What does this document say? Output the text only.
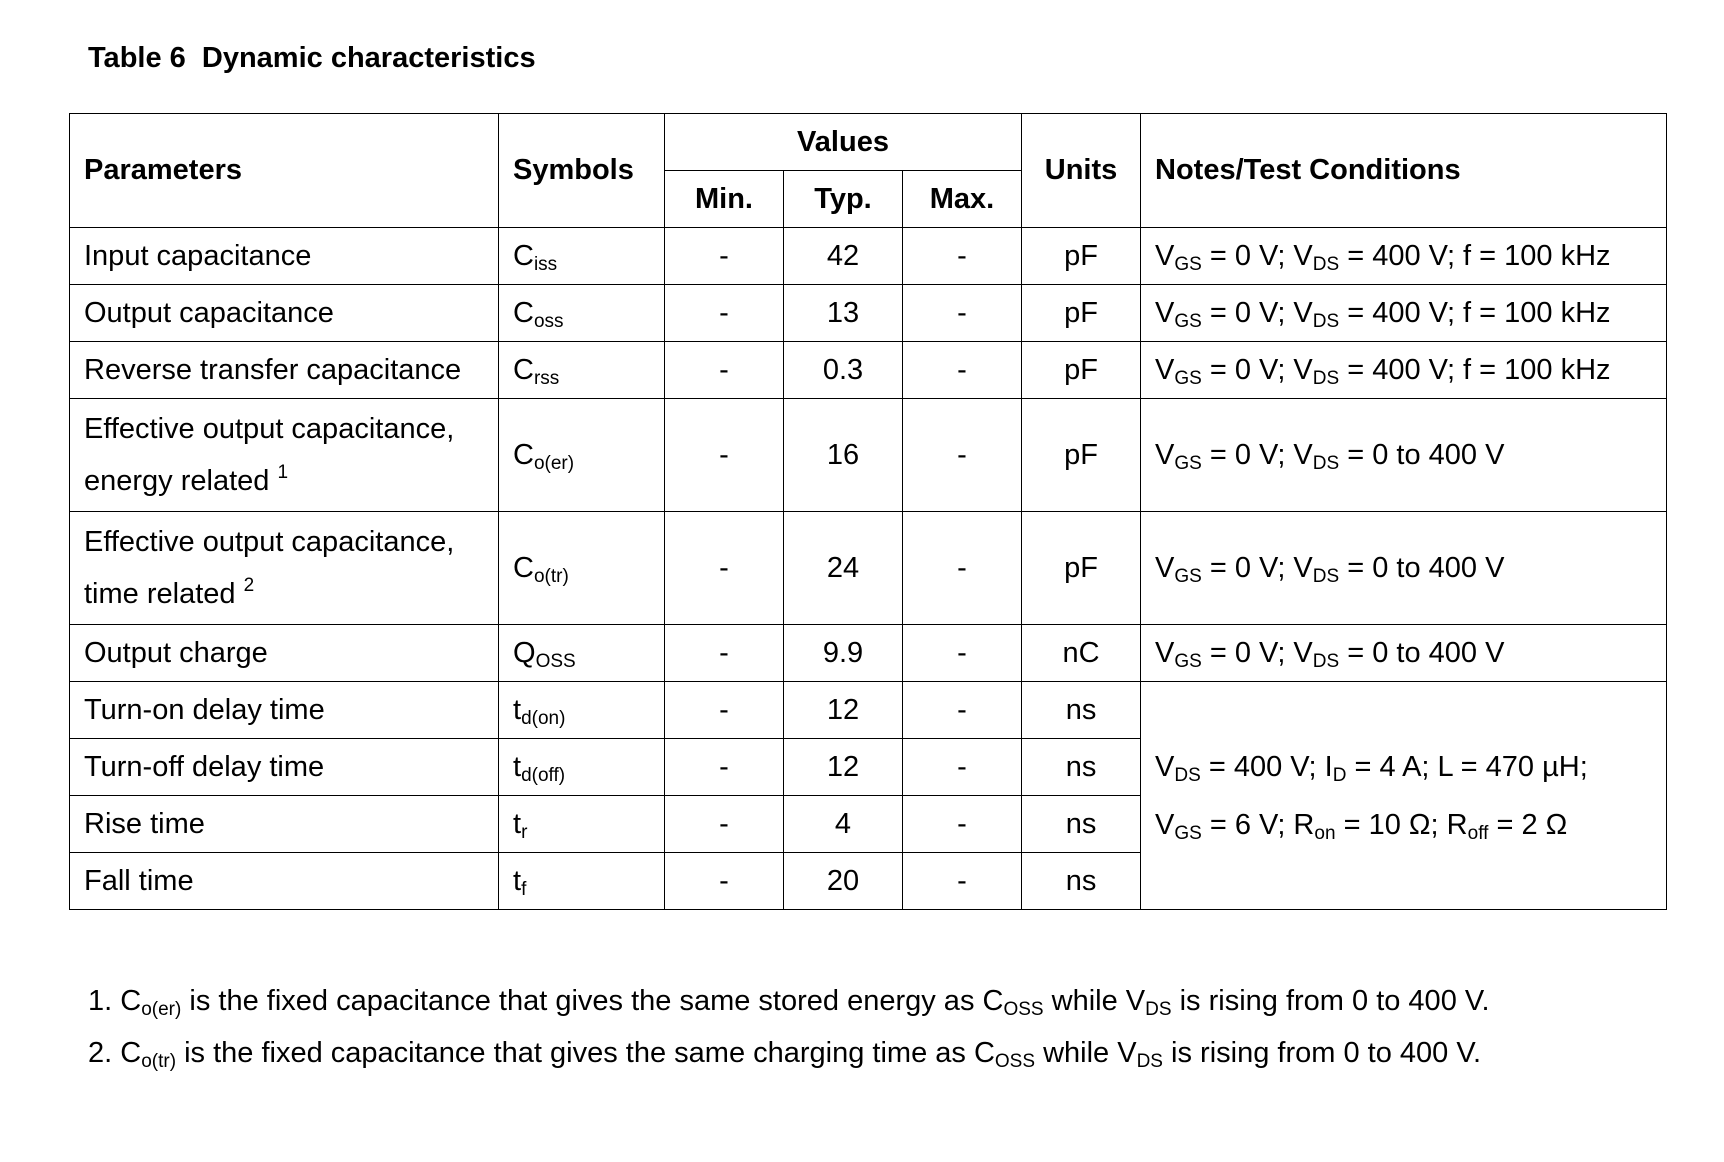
Table 6  Dynamic characteristics
Parameters	Symbols	Values			Units	Notes/Test Conditions
		Min.	Typ.	Max.		
Input capacitance	$C_{iss}$	-	42	-	pF	$V_{GS} = 0$ V; $V_{DS} = 400$ V; f = 100 kHz
Output capacitance	$C_{oss}$	-	13	-	pF	$V_{GS} = 0$ V; $V_{DS} = 400$ V; f = 100 kHz
Reverse transfer capacitance	$C_{rss}$	-	0.3	-	pF	$V_{GS} = 0$ V; $V_{DS} = 400$ V; f = 100 kHz
Effective output capacitance,
energy related $^1$	$C_{o(er)}$	-	16	-	pF	$V_{GS} = 0$ V; $V_{DS} = 0$ to 400 V
Effective output capacitance,
time related $^2$	$C_{o(tr)}$	-	24	-	pF	$V_{GS} = 0$ V; $V_{DS} = 0$ to 400 V
Output charge	$Q_{OSS}$	-	9.9	-	nC	$V_{GS} = 0$ V; $V_{DS} = 0$ to 400 V
Turn-on delay time	$t_{d(on)}$	-	12	-	ns	$V_{DS} = 400$ V; $I_D = 4$ A; L = 470 µH;
$V_{GS} = 6$ V; $R_{on} = 10$ Ω; $R_{off} = 2$ Ω
Turn-off delay time	$t_{d(off)}$	-	12	-	ns	
Rise time	$t_r$	-	4	-	ns	
Fall time	$t_f$	-	20	-	ns	
1. $C_{o(er)}$ is the fixed capacitance that gives the same stored energy as $C_{OSS}$ while $V_{DS}$ is rising from 0 to 400 V.
2. $C_{o(tr)}$ is the fixed capacitance that gives the same charging time as $C_{OSS}$ while $V_{DS}$ is rising from 0 to 400 V.
